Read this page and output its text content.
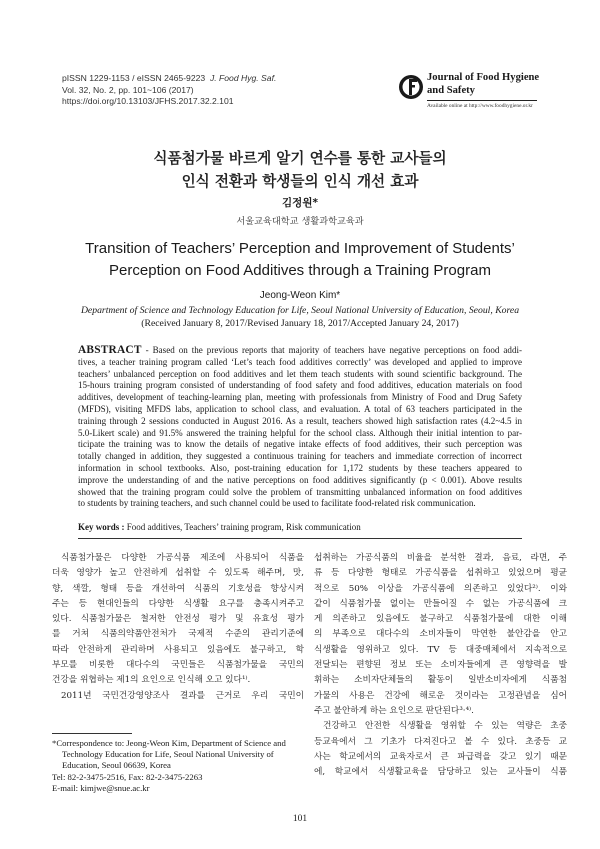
pISSN 1229-1153 / eISSN 2465-9223 J. Food Hyg. Saf.
Vol. 32, No. 2, pp. 101~106 (2017)
https://doi.org/10.13103/JFHS.2017.32.2.101
Journal of Food Hygiene
and Safety
Available online at http://www.foodhygiene.or.kr
식품첨가물 바르게 알기 연수를 통한 교사들의
인식 전환과 학생들의 인식 개선 효과
김정원*
서울교육대학교 생활과학교육과
Transition of Teachers’ Perception and Improvement of Students’
Perception on Food Additives through a Training Program
Jeong-Weon Kim*
Department of Science and Technology Education for Life, Seoul National University of Education, Seoul, Korea
(Received January 8, 2017/Revised January 18, 2017/Accepted January 24, 2017)
ABSTRACT - Based on the previous reports that majority of teachers have negative perceptions on food addi-
tives, a teacher training program called ‘Let’s teach food additives correctly’ was developed and applied to improve
teachers’ unbalanced perception on food additives and let them teach students with sound scientific background. The
15-hours training program consisted of understanding of food safety and food additives, education materials on food
additives, development of teaching-learning plan, meeting with professionals from Ministry of Food and Drug Safety
(MFDS), visiting MFDS labs, application to school class, and evaluation. A total of 63 teachers participated in the
training through 2 sessions conducted in August 2016. As a result, teachers showed high satisfaction rates (4.2~4.5 in
5.0-Likert scale) and 91.5% answered the training helpful for the school class. Although their initial intention to par-
ticipate the training was to know the details of negative intake effects of food additives, their such perception was
totally changed in addition, they suggested a continuous training for teachers and immediate correction of incorrect
information in school textbooks. Also, post-training education for 1,172 students by these teachers appeared to
improve the understanding of and the native perceptions on food additives significantly (p < 0.001). Above results
showed that the training program could solve the problem of transmitting unbalanced information on food additives
to students by training teachers, and such channel could be used to facilitate food-related risk communication.
Key words : Food additives, Teachers’ training program, Risk communication
식품첨가물은 다양한 가공식품 제조에 사용되어 식품을
더욱 영양가 높고 안전하게 섭취할 수 있도록 해주며, 맛,
향, 색깔, 형태 등을 개선하여 식품의 기호성을 향상시켜
주는 등 현대인들의 다양한 식생활 요구를 충족시켜주고
있다. 식품첨가물은 철저한 안전성 평가 및 유효성 평가
를 거쳐 식품의약품안전처가 국제적 수준의 관리기준에
따라 안전하게 관리하며 사용되고 있음에도 불구하고, 학
부모를 비롯한 대다수의 국민들은 식품첨가물을 국민의
건강을 위협하는 제1의 요인으로 인식해 오고 있다¹⁾.
2011년 국민건강영양조사 결과를 근거로 우리 국민이
섭취하는 가공식품의 비율을 분석한 결과, 음료, 라면, 주
류 등 다양한 형태로 가공식품을 섭취하고 있었으며 평균
적으로 50% 이상을 가공식품에 의존하고 있었다²⁾. 이와
같이 식품첨가물 없이는 만들어질 수 없는 가공식품에 크
게 의존하고 있음에도 불구하고 식품첨가물에 대한 이해
의 부족으로 대다수의 소비자들이 막연한 불안감을 안고
식생활을 영위하고 있다. TV 등 대중매체에서 지속적으로
전달되는 편향된 정보 또는 소비자들에게 큰 영향력을 발
휘하는 소비자단체들의 활동이 일반소비자에게 식품첨
가물의 사용은 건강에 해로운 것이라는 고정관념을 심어
주고 불안하게 하는 요인으로 판단된다³·⁴⁾.
건강하고 안전한 식생활을 영위할 수 있는 역량은 초중
등교육에서 그 기초가 다져진다고 볼 수 있다. 초중등 교
사는 학교에서의 교육자로서 큰 파급력을 갖고 있기 때문
에, 학교에서 식생활교육을 담당하고 있는 교사들이 식품
*Correspondence to: Jeong-Weon Kim, Department of Science and
Technology Education for Life, Seoul National University of
Education, Seoul 06639, Korea
Tel: 82-2-3475-2516, Fax: 82-2-3475-2263
E-mail: kimjwe@snue.ac.kr
101
